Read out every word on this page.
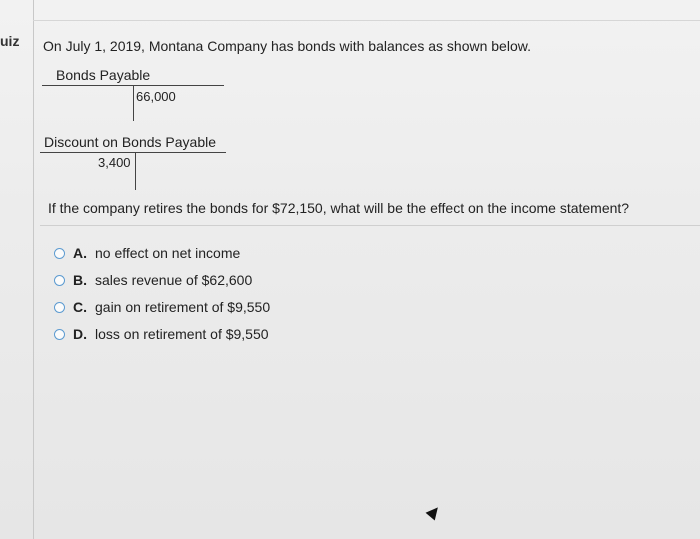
uiz On July 1, 2019, Montana Company has bonds with balances as shown below.
Bonds Payable
66,000
Discount on Bonds Payable
3,400
If the company retires the bonds for $72,150, what will be the effect on the income statement?
A. no effect on net income
B. sales revenue of $62,600
C. gain on retirement of $9,550
D. loss on retirement of $9,550
